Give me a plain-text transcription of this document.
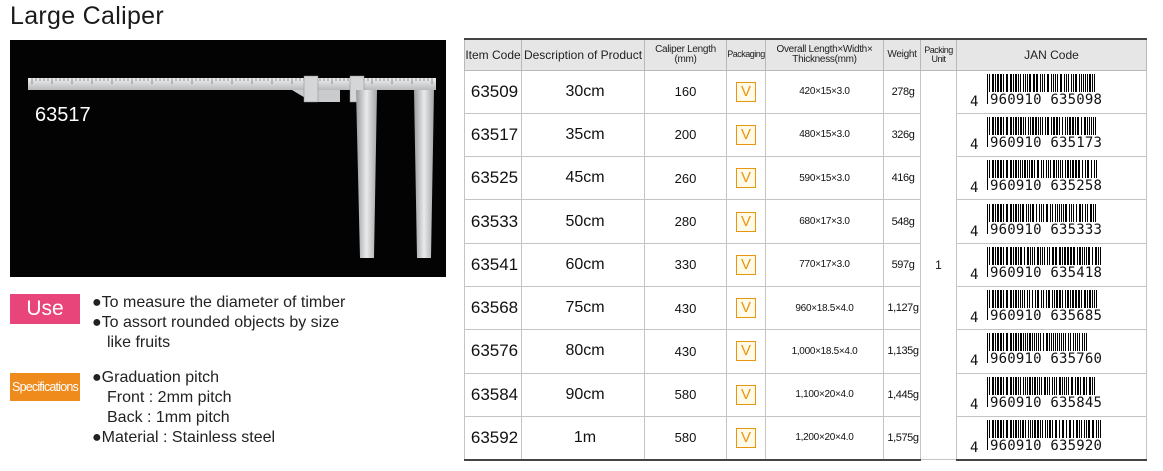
Large Caliper
63517
Use	●To measure the diameter of timber
●To assort rounded objects by size
like fruits
Specifications
●Graduation pitch
Front : 2mm pitch
Back : 1mm pitch
●Material : Stainless steel
Item Code	Description of Product	Caliper Length (mm)	Packaging	Overall Length×Width× Thickness(mm)	Weight	Packing Unit	JAN Code
63509	30cm	160	V	420×15×3.0	278g	1	4 960910 635098

63517	35cm	200	V	480×15×3.0	326g		4 960910 635173

63525	45cm	260	V	590×15×3.0	416g		4 960910 635258

63533	50cm	280	V	680×17×3.0	548g		4 960910 635333

63541	60cm	330	V	770×17×3.0	597g		4 960910 635418

63568	75cm	430	V	960×18.5×4.0	1,127g		4 960910 635685

63576	80cm	430	V	1,000×18.5×4.0	1,135g		4 960910 635760

63584	90cm	580	V	1,100×20×4.0	1,445g		4 960910 635845

63592	1m	580	V	1,200×20×4.0	1,575g		4 960910 635920
